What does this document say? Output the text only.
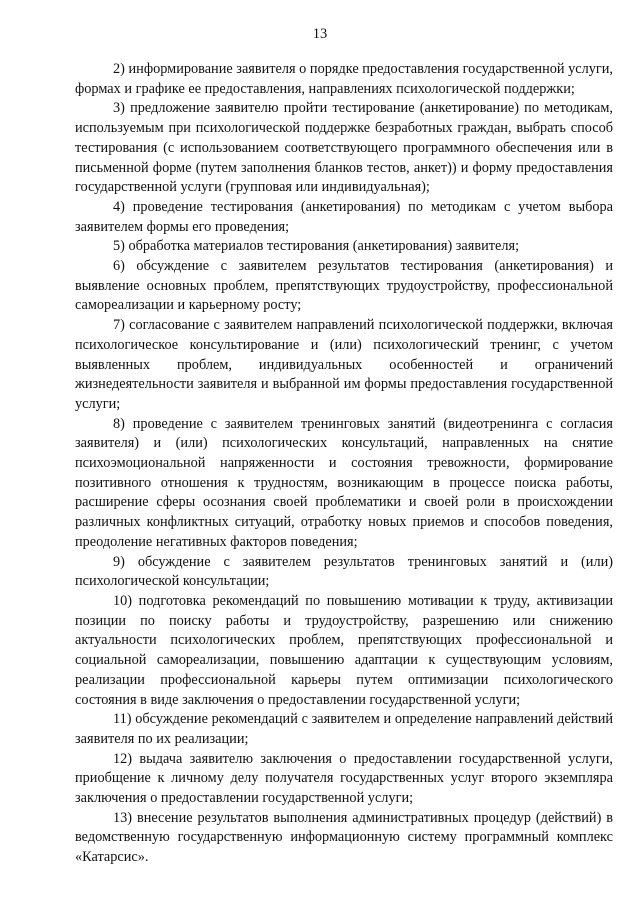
13

2) информирование заявителя о порядке предоставления государственной услуги, формах и графике ее предоставления, направлениях психологической поддержки;

3) предложение заявителю пройти тестирование (анкетирование) по методикам, используемым при психологической поддержке безработных граждан, выбрать способ тестирования (с использованием соответствующего программного обеспечения или в письменной форме (путем заполнения бланков тестов, анкет)) и форму предоставления государственной услуги (групповая или индивидуальная);

4) проведение тестирования (анкетирования) по методикам с учетом выбора заявителем формы его проведения;

5) обработка материалов тестирования (анкетирования) заявителя;

6) обсуждение с заявителем результатов тестирования (анкетирования) и выявление основных проблем, препятствующих трудоустройству, профессиональной самореализации и карьерному росту;

7) согласование с заявителем направлений психологической поддержки, включая психологическое консультирование и (или) психологический тренинг, с учетом выявленных проблем, индивидуальных особенностей и ограничений жизнедеятельности заявителя и выбранной им формы предоставления государственной услуги;

8) проведение с заявителем тренинговых занятий (видеотренинга с согласия заявителя) и (или) психологических консультаций, направленных на снятие психоэмоциональной напряженности и состояния тревожности, формирование позитивного отношения к трудностям, возникающим в процессе поиска работы, расширение сферы осознания своей проблематики и своей роли в происхождении различных конфликтных ситуаций, отработку новых приемов и способов поведения, преодоление негативных факторов поведения;

9) обсуждение с заявителем результатов тренинговых занятий и (или) психологической консультации;

10) подготовка рекомендаций по повышению мотивации к труду, активизации позиции по поиску работы и трудоустройству, разрешению или снижению актуальности психологических проблем, препятствующих профессиональной и социальной самореализации, повышению адаптации к существующим условиям, реализации профессиональной карьеры путем оптимизации психологического состояния в виде заключения о предоставлении государственной услуги;

11) обсуждение рекомендаций с заявителем и определение направлений действий заявителя по их реализации;

12) выдача заявителю заключения о предоставлении государственной услуги, приобщение к личному делу получателя государственных услуг второго экземпляра заключения о предоставлении государственной услуги;

13) внесение результатов выполнения административных процедур (действий) в ведомственную государственную информационную систему программный комплекс «Катарсис».
